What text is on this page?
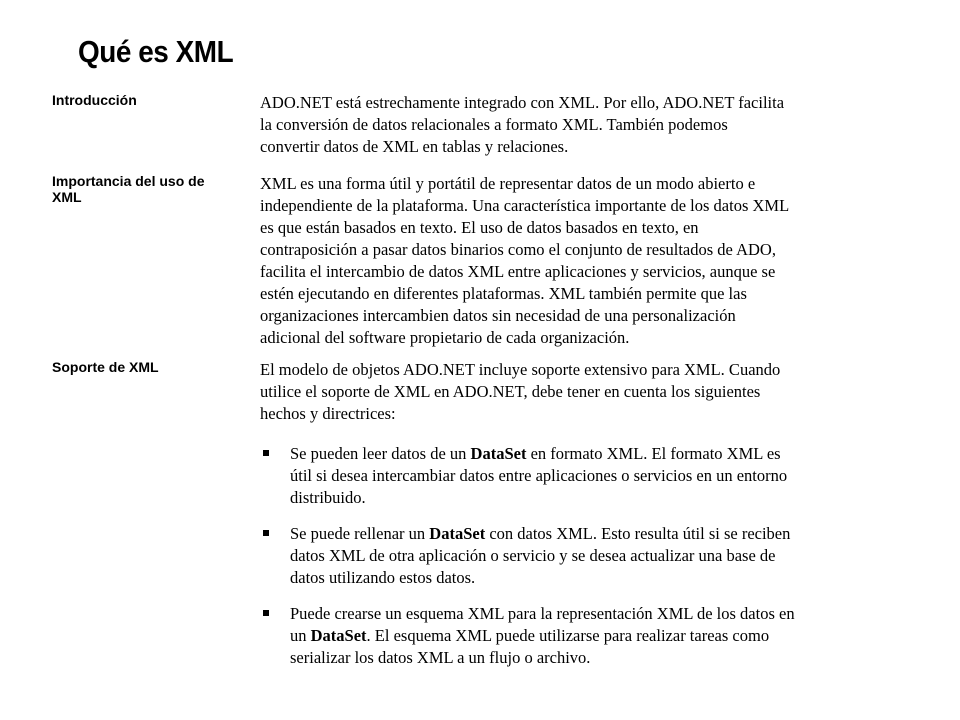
Qué es XML
Introducción	ADO.NET está estrechamente integrado con XML. Por ello, ADO.NET facilita

la conversión de datos relacionales a formato XML. También podemos

convertir datos de XML en tablas y relaciones.

Importancia del uso de
XML

XML es una forma útil y portátil de representar datos de un modo abierto e

independiente de la plataforma. Una característica importante de los datos XML

es que están basados en texto. El uso de datos basados en texto, en

contraposición a pasar datos binarios como el conjunto de resultados de ADO,

facilita el intercambio de datos XML entre aplicaciones y servicios, aunque se

estén ejecutando en diferentes plataformas. XML también permite que las

organizaciones intercambien datos sin necesidad de una personalización

adicional del software propietario de cada organización.

Soporte de XML	El modelo de objetos ADO.NET incluye soporte extensivo para XML. Cuando

utilice el soporte de XML en ADO.NET, debe tener en cuenta los siguientes

hechos y directrices:

Se pueden leer datos de un DataSet en formato XML. El formato XML es
útil si desea intercambiar datos entre aplicaciones o servicios en un entorno
distribuido.
Se puede rellenar un DataSet con datos XML. Esto resulta útil si se reciben
datos XML de otra aplicación o servicio y se desea actualizar una base de
datos utilizando estos datos.
Puede crearse un esquema XML para la representación XML de los datos en
un DataSet. El esquema XML puede utilizarse para realizar tareas como
serializar los datos XML a un flujo o archivo.
